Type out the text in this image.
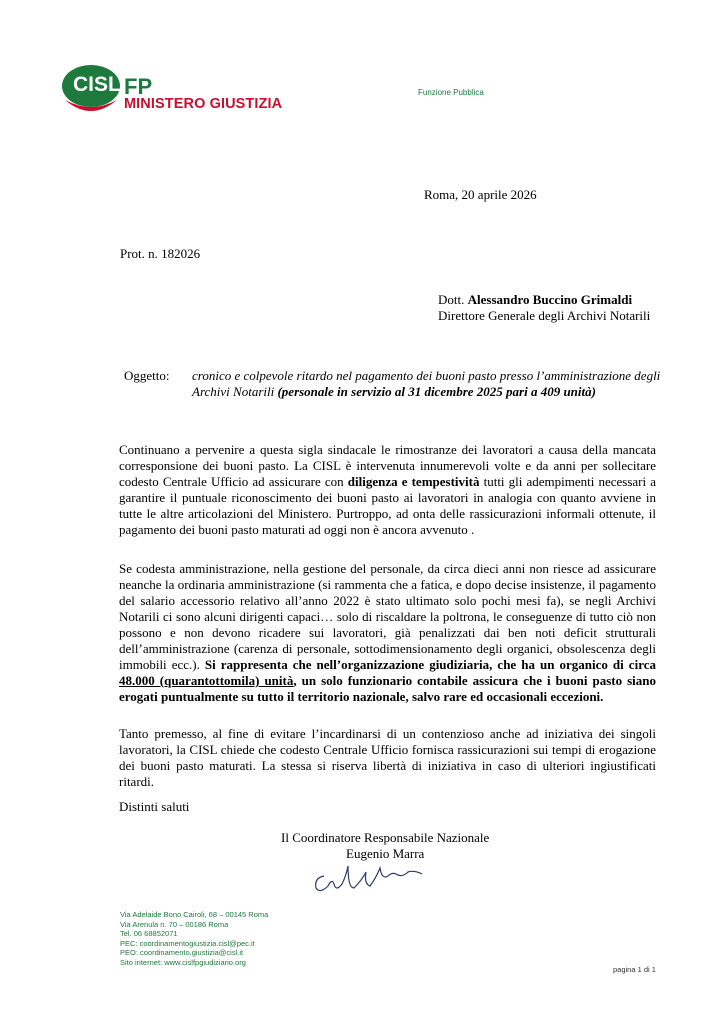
CISL FP
MINISTERO GIUSTIZIA
Funzione Pubblica
Roma, 20 aprile 2026
Prot. n. 182026
Dott. Alessandro Buccino Grimaldi
Direttore Generale degli Archivi Notarili
Oggetto: cronico e colpevole ritardo nel pagamento dei buoni pasto presso l’amministrazione degli Archivi Notarili (personale in servizio al 31 dicembre 2025 pari a 409 unità)
Continuano a pervenire a questa sigla sindacale le rimostranze dei lavoratori a causa della mancata corresponsione dei buoni pasto. La CISL è intervenuta innumerevoli volte e da anni per sollecitare codesto Centrale Ufficio ad assicurare con diligenza e tempestività tutti gli adempimenti necessari a garantire il puntuale riconoscimento dei buoni pasto ai lavoratori in analogia con quanto avviene in tutte le altre articolazioni del Ministero. Purtroppo, ad onta delle rassicurazioni informali ottenute, il pagamento dei buoni pasto maturati ad oggi non è ancora avvenuto .
Se codesta amministrazione, nella gestione del personale, da circa dieci anni non riesce ad assicurare neanche la ordinaria amministrazione (si rammenta che a fatica, e dopo decise insistenze, il pagamento del salario accessorio relativo all’anno 2022 è stato ultimato solo pochi mesi fa), se negli Archivi Notarili ci sono alcuni dirigenti capaci… solo di riscaldare la poltrona, le conseguenze di tutto ciò non possono e non devono ricadere sui lavoratori, già penalizzati dai ben noti deficit strutturali dell’amministrazione (carenza di personale, sottodimensionamento degli organici, obsolescenza degli immobili ecc.). Si rappresenta che nell’organizzazione giudiziaria, che ha un organico di circa 48.000 (quarantottomila) unità, un solo funzionario contabile assicura che i buoni pasto siano erogati puntualmente su tutto il territorio nazionale, salvo rare ed occasionali eccezioni.
Tanto premesso, al fine di evitare l’incardinarsi di un contenzioso anche ad iniziativa dei singoli lavoratori, la CISL chiede che codesto Centrale Ufficio fornisca rassicurazioni sui tempi di erogazione dei buoni pasto maturati. La stessa si riserva libertà di iniziativa in caso di ulteriori ingiustificati ritardi.
Distinti saluti
Il Coordinatore Responsabile Nazionale
Eugenio Marra
Via Adelaide Bono Cairoli, 68 – 00145 Roma
Via Arenula n. 70 – 00186 Roma
Tel. 06 68852071
PEC: coordinamentogiustizia.cisl@pec.it
PEO: coordinamento.giustizia@cisl.it
Sito internet: www.cislfpgiudiziario.org
pagina 1 di 1
